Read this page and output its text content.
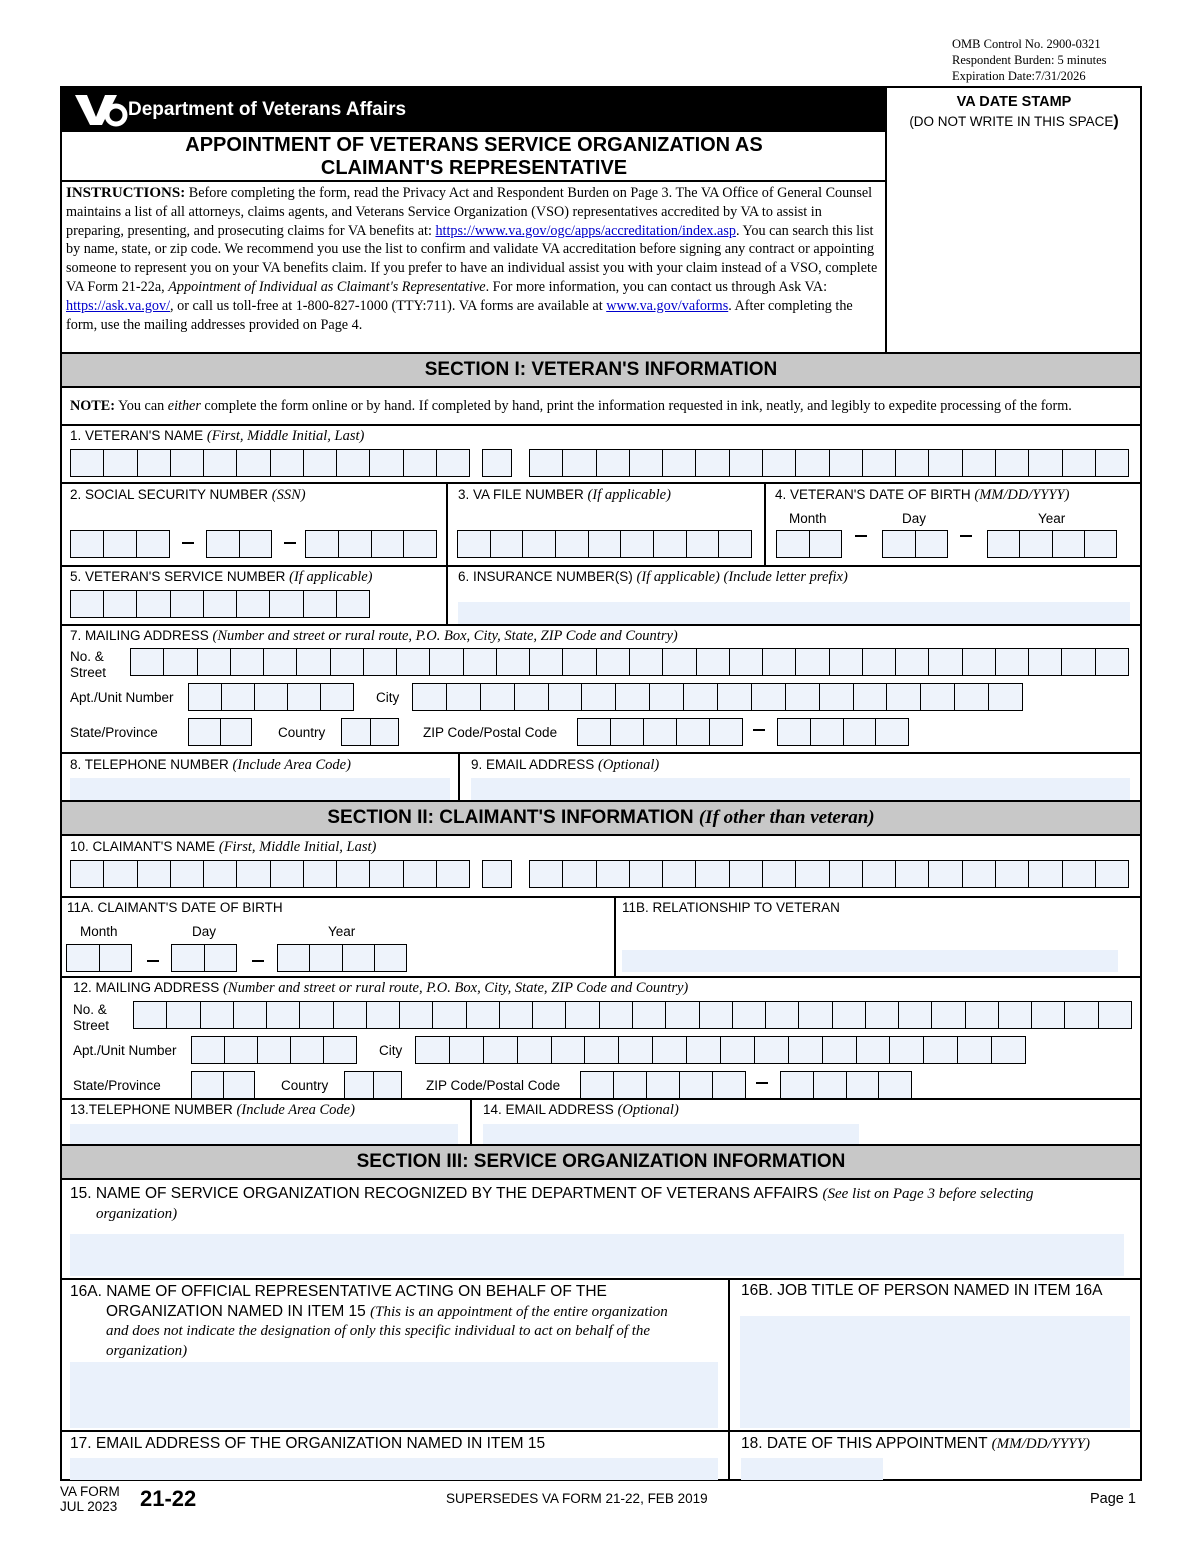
OMB Control No. 2900-0321
Respondent Burden: 5 minutes
Expiration Date:7/31/2026
Department of Veterans Affairs
APPOINTMENT OF VETERANS SERVICE ORGANIZATION AS
CLAIMANT'S REPRESENTATIVE
VA DATE STAMP
(DO NOT WRITE IN THIS SPACE)
INSTRUCTIONS: Before completing the form, read the Privacy Act and Respondent Burden on Page 3. The VA Office of General Counsel maintains a list of all attorneys, claims agents, and Veterans Service Organization (VSO) representatives accredited by VA to assist in preparing, presenting, and prosecuting claims for VA benefits at: https://www.va.gov/ogc/apps/accreditation/index.asp. You can search this list by name, state, or zip code. We recommend you use the list to confirm and validate VA accreditation before signing any contract or appointing someone to represent you on your VA benefits claim. If you prefer to have an individual assist you with your claim instead of a VSO, complete VA Form 21-22a, Appointment of Individual as Claimant's Representative. For more information, you can contact us through Ask VA: https://ask.va.gov/, or call us toll-free at 1-800-827-1000 (TTY:711). VA forms are available at www.va.gov/vaforms. After completing the form, use the mailing addresses provided on Page 4.
SECTION I: VETERAN'S INFORMATION
NOTE: You can either complete the form online or by hand. If completed by hand, print the information requested in ink, neatly, and legibly to expedite processing of the form.
1. VETERAN'S NAME (First, Middle Initial, Last)
2. SOCIAL SECURITY NUMBER (SSN)	3. VA FILE NUMBER (If applicable)	4. VETERAN'S DATE OF BIRTH (MM/DD/YYYY)
Month	Day	Year
5. VETERAN'S SERVICE NUMBER (If applicable)	6. INSURANCE NUMBER(S) (If applicable) (Include letter prefix)
7. MAILING ADDRESS (Number and street or rural route, P.O. Box, City, State, ZIP Code and Country)
No. &
Street
Apt./Unit Number	City
State/Province	Country	ZIP Code/Postal Code
8. TELEPHONE NUMBER (Include Area Code)	9. EMAIL ADDRESS (Optional)
SECTION II: CLAIMANT'S INFORMATION (If other than veteran)
10. CLAIMANT'S NAME (First, Middle Initial, Last)
11A. CLAIMANT'S DATE OF BIRTH
Month	Day	Year
11B. RELATIONSHIP TO VETERAN
12. MAILING ADDRESS (Number and street or rural route, P.O. Box, City, State, ZIP Code and Country)
No. &
Street
Apt./Unit Number	City
State/Province	Country	ZIP Code/Postal Code
13.TELEPHONE NUMBER (Include Area Code)	14. EMAIL ADDRESS (Optional)
SECTION III: SERVICE ORGANIZATION INFORMATION
15. NAME OF SERVICE ORGANIZATION RECOGNIZED BY THE DEPARTMENT OF VETERANS AFFAIRS (See list on Page 3 before selecting
organization)
16A. NAME OF OFFICIAL REPRESENTATIVE ACTING ON BEHALF OF THE
ORGANIZATION NAMED IN ITEM 15 (This is an appointment of the entire organization
and does not indicate the designation of only this specific individual to act on behalf of the
organization)
16B. JOB TITLE OF PERSON NAMED IN ITEM 16A
17. EMAIL ADDRESS OF THE ORGANIZATION NAMED IN ITEM 15	18. DATE OF THIS APPOINTMENT (MM/DD/YYYY)
VA FORM
JUL 2023 21-22	SUPERSEDES VA FORM 21-22, FEB 2019	Page 1
